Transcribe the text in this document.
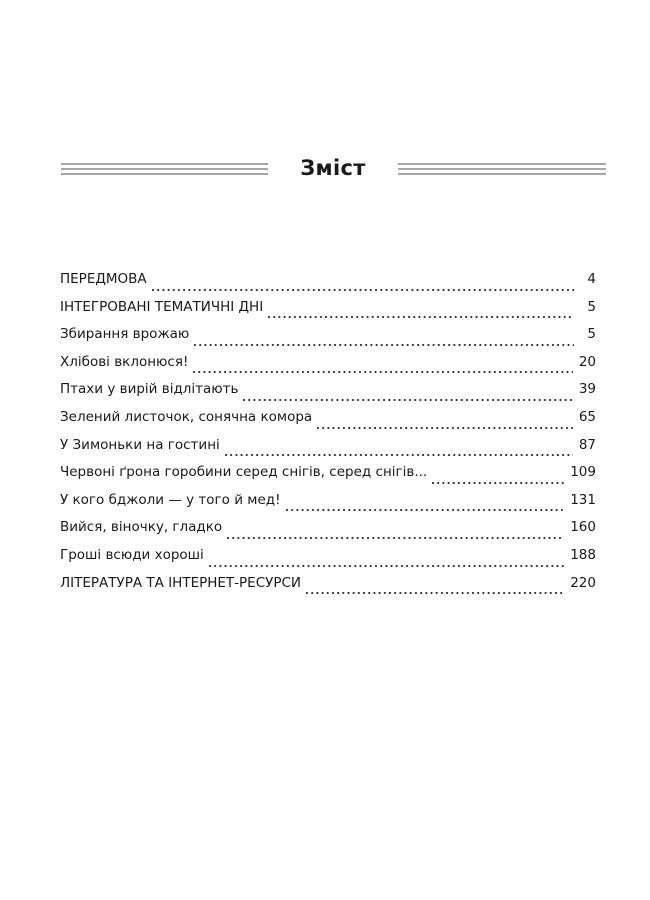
Зміст
ПЕРЕДМОВА	4
ІНТЕГРОВАНІ ТЕМАТИЧНІ ДНІ	5
Збирання врожаю	5
Хлібові вклонюся!	20
Птахи у вирій відлітають	39
Зелений листочок, сонячна комора	65
У Зимоньки на гостині	87
Червоні ґрона горобини серед снігів, серед снігів...	109
У кого бджоли — у того й мед!	131
Вийся, віночку, гладко	160
Гроші всюди хороші	188
ЛІТЕРАТУРА ТА ІНТЕРНЕТ-РЕСУРСИ	220
